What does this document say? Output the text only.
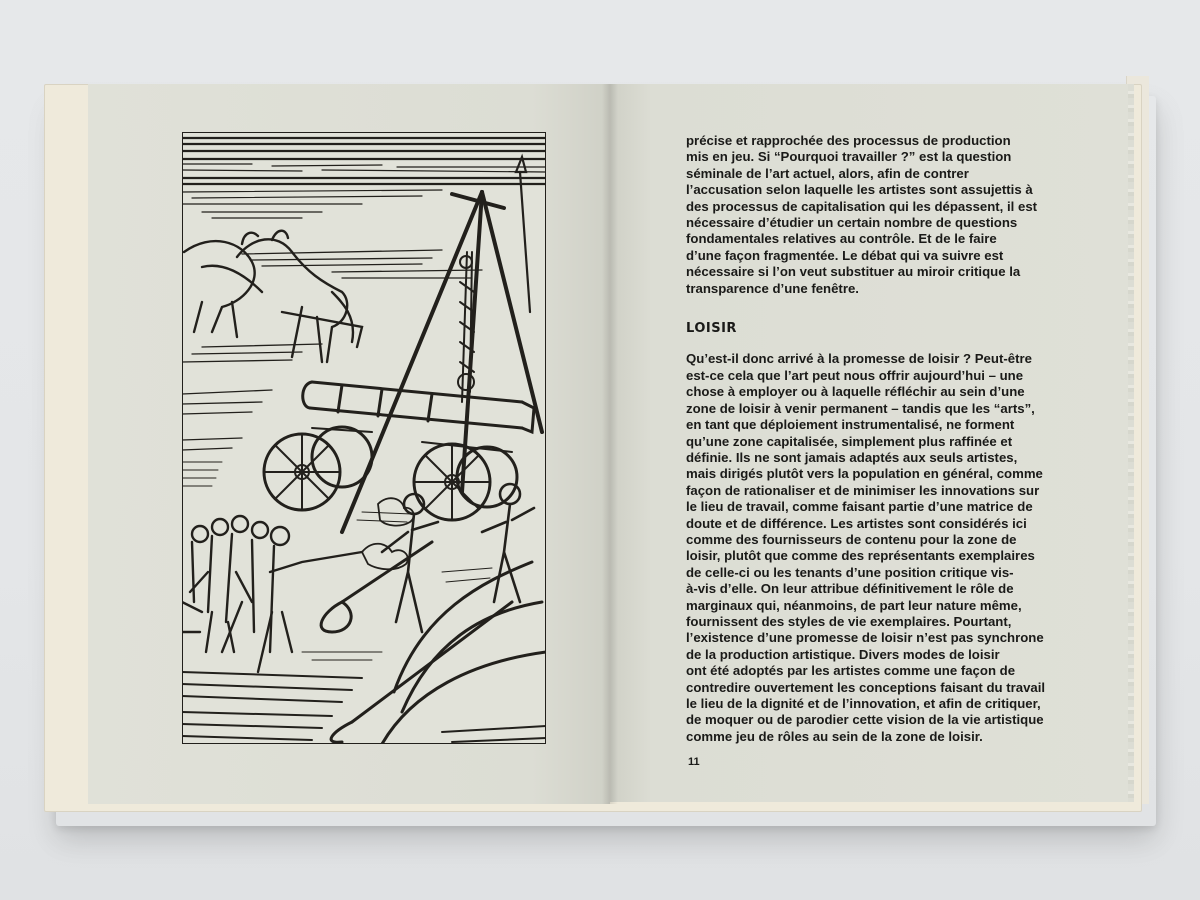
précise et rapprochée des processus de production
mis en jeu. Si “Pourquoi travailler ?” est la question
séminale de l’art actuel, alors, afin de contrer
l’accusation selon laquelle les artistes sont assujettis à
des processus de capitalisation qui les dépassent, il est
nécessaire d’étudier un certain nombre de questions
fondamentales relatives au contrôle. Et de le faire
d’une façon fragmentée. Le débat qui va suivre est
nécessaire si l’on veut substituer au miroir critique la
transparence d’une fenêtre.

LOISIR

Qu’est-il donc arrivé à la promesse de loisir ? Peut-être
est-ce cela que l’art peut nous offrir aujourd’hui – une
chose à employer ou à laquelle réfléchir au sein d’une
zone de loisir à venir permanent – tandis que les “arts”,
en tant que déploiement instrumentalisé, ne forment
qu’une zone capitalisée, simplement plus raffinée et
définie. Ils ne sont jamais adaptés aux seuls artistes,
mais dirigés plutôt vers la population en général, comme
façon de rationaliser et de minimiser les innovations sur
le lieu de travail, comme faisant partie d’une matrice de
doute et de différence. Les artistes sont considérés ici
comme des fournisseurs de contenu pour la zone de
loisir, plutôt que comme des représentants exemplaires
de celle-ci ou les tenants d’une position critique vis-
à-vis d’elle. On leur attribue définitivement le rôle de
marginaux qui, néanmoins, de part leur nature même,
fournissent des styles de vie exemplaires. Pourtant,
l’existence d’une promesse de loisir n’est pas synchrone
de la production artistique. Divers modes de loisir
ont été adoptés par les artistes comme une façon de
contredire ouvertement les conceptions faisant du travail
le lieu de la dignité et de l’innovation, et afin de critiquer,
de moquer ou de parodier cette vision de la vie artistique
comme jeu de rôles au sein de la zone de loisir.

11
